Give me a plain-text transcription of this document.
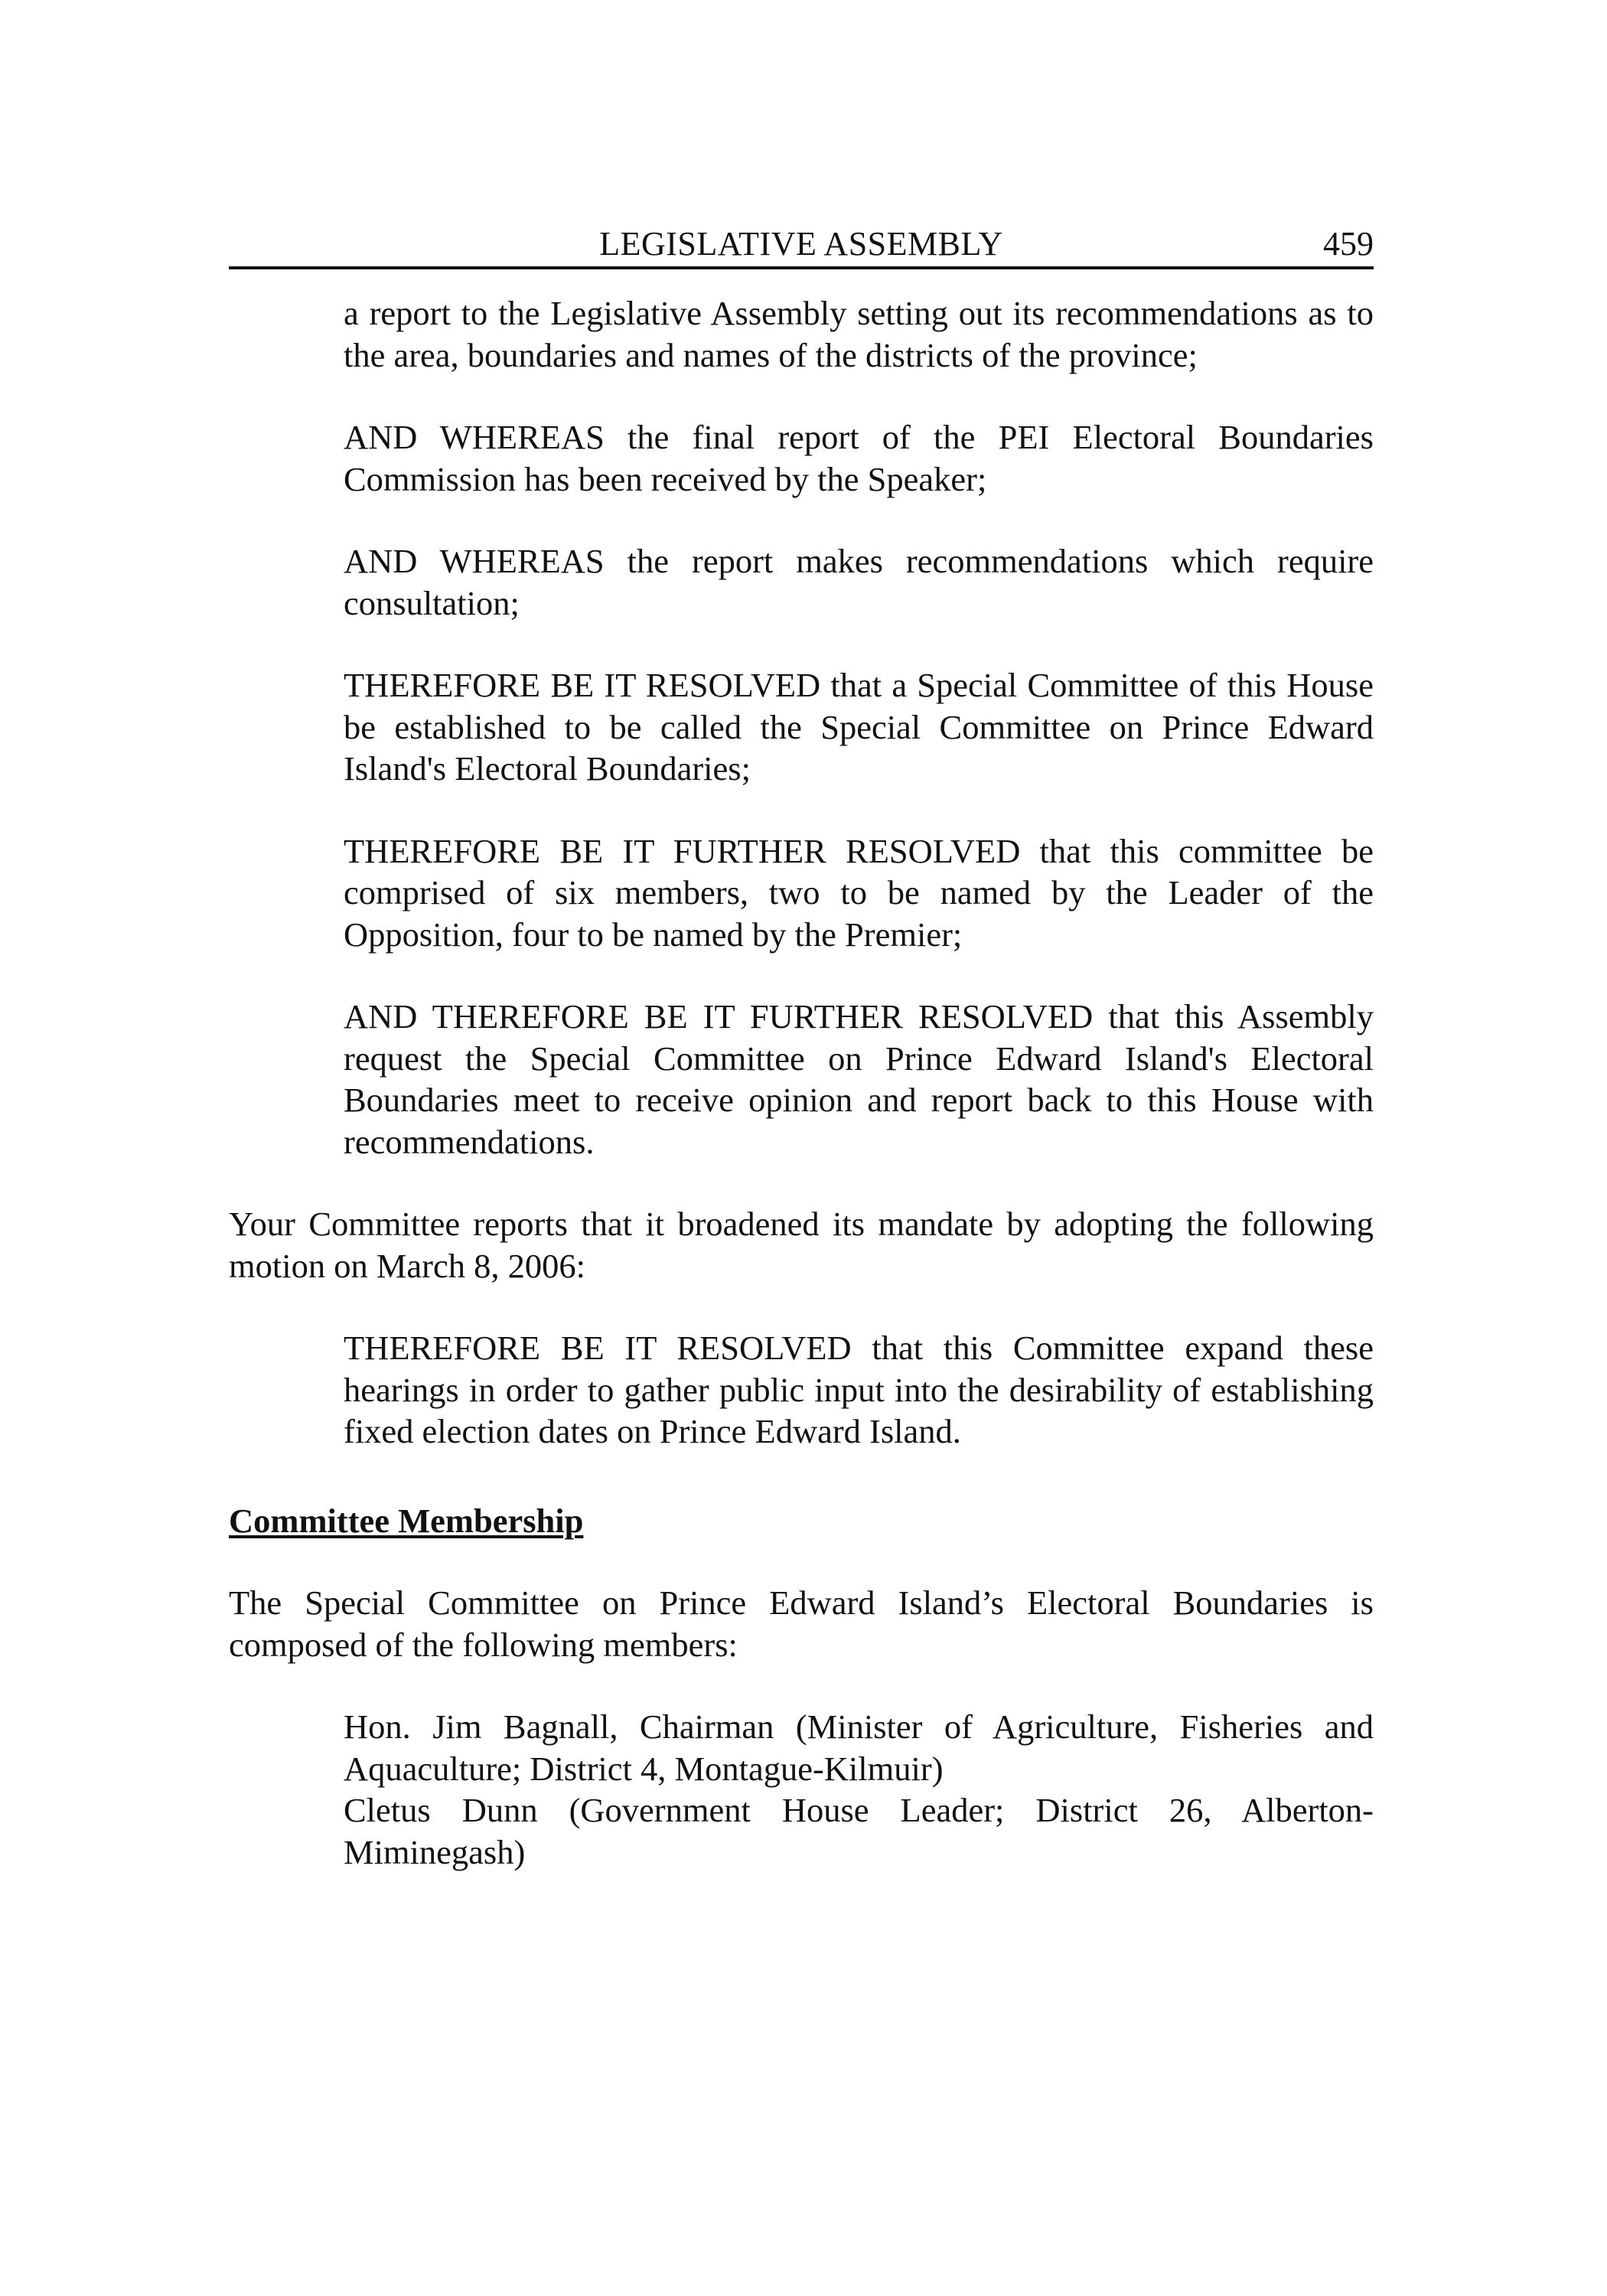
LEGISLATIVE ASSEMBLY	459

a report to the Legislative Assembly setting out its recommendations as to the area, boundaries and names of the districts of the province;

AND WHEREAS the final report of the PEI Electoral Boundaries Commission has been received by the Speaker;

AND WHEREAS the report makes recommendations which require consultation;

THEREFORE BE IT RESOLVED that a Special Committee of this House be established to be called the Special Committee on Prince Edward Island's Electoral Boundaries;

THEREFORE BE IT FURTHER RESOLVED that this committee be comprised of six members, two to be named by the Leader of the Opposition, four to be named by the Premier;

AND THEREFORE BE IT FURTHER RESOLVED that this Assembly request the Special Committee on Prince Edward Island's Electoral Boundaries meet to receive opinion and report back to this House with recommendations.

Your Committee reports that it broadened its mandate by adopting the following motion on March 8, 2006:

THEREFORE BE IT RESOLVED that this Committee expand these hearings in order to gather public input into the desirability of establishing fixed election dates on Prince Edward Island.

Committee Membership

The Special Committee on Prince Edward Island’s Electoral Boundaries is composed of the following members:

Hon. Jim Bagnall, Chairman (Minister of Agriculture, Fisheries and Aquaculture; District 4, Montague-Kilmuir)

Cletus Dunn (Government House Leader; District 26, Alberton-Miminegash)
